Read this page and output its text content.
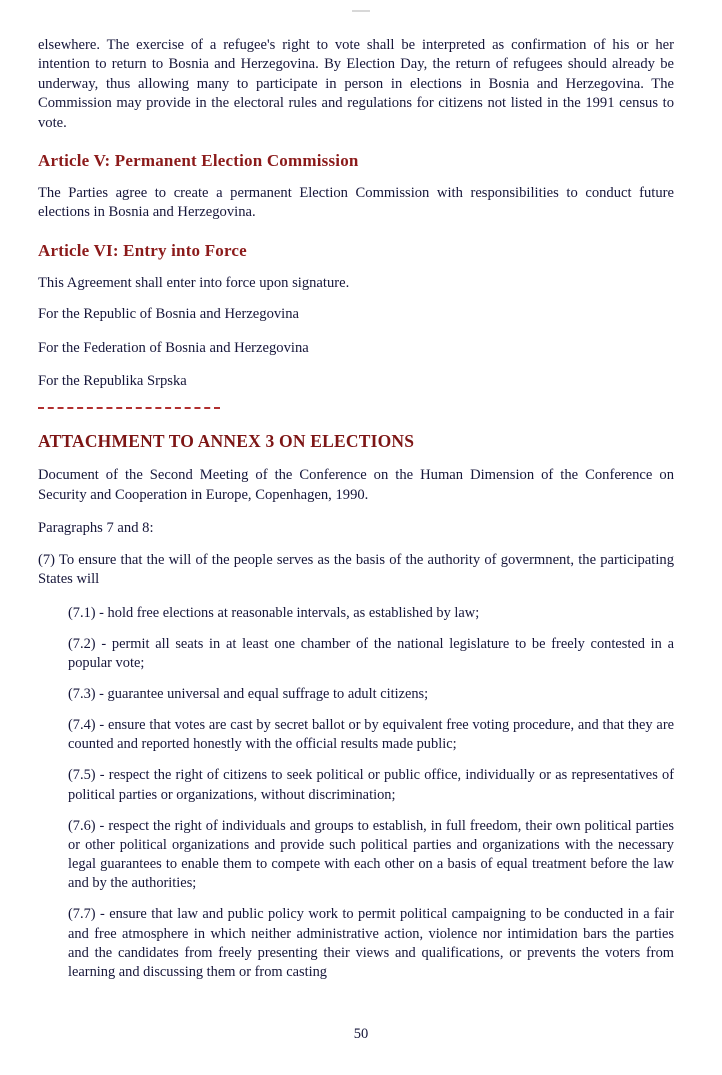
elsewhere. The exercise of a refugee's right to vote shall be interpreted as confirmation of his or her intention to return to Bosnia and Herzegovina. By Election Day, the return of refugees should already be underway, thus allowing many to participate in person in elections in Bosnia and Herzegovina. The Commission may provide in the electoral rules and regulations for citizens not listed in the 1991 census to vote.

Article V: Permanent Election Commission

The Parties agree to create a permanent Election Commission with responsibilities to conduct future elections in Bosnia and Herzegovina.

Article VI: Entry into Force

This Agreement shall enter into force upon signature.

For the Republic of Bosnia and Herzegovina

For the Federation of Bosnia and Herzegovina

For the Republika Srpska

ATTACHMENT TO ANNEX 3 ON ELECTIONS

Document of the Second Meeting of the Conference on the Human Dimension of the Conference on Security and Cooperation in Europe, Copenhagen, 1990.

Paragraphs 7 and 8:

(7) To ensure that the will of the people serves as the basis of the authority of govermnent, the participating States will

(7.1) - hold free elections at reasonable intervals, as established by law;

(7.2) - permit all seats in at least one chamber of the national legislature to be freely contested in a popular vote;

(7.3) - guarantee universal and equal suffrage to adult citizens;

(7.4) - ensure that votes are cast by secret ballot or by equivalent free voting procedure, and that they are counted and reported honestly with the official results made public;

(7.5) - respect the right of citizens to seek political or public office, individually or as representatives of political parties or organizations, without discrimination;

(7.6) - respect the right of individuals and groups to establish, in full freedom, their own political parties or other political organizations and provide such political parties and organizations with the necessary legal guarantees to enable them to compete with each other on a basis of equal treatment before the law and by the authorities;

(7.7) - ensure that law and public policy work to permit political campaigning to be conducted in a fair and free atmosphere in which neither administrative action, violence nor intimidation bars the parties and the candidates from freely presenting their views and qualifications, or prevents the voters from learning and discussing them or from casting

50
